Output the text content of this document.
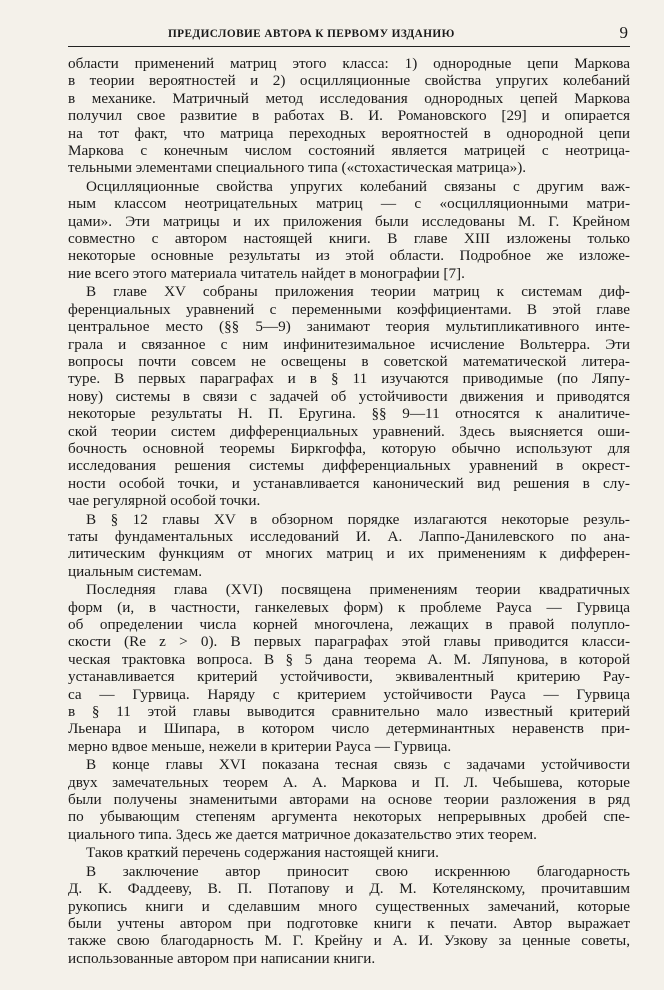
ПРЕДИСЛОВИЕ АВТОРА К ПЕРВОМУ ИЗДАНИЮ	9
области применений матриц этого класса: 1) однородные цепи Маркова
в теории вероятностей и 2) осцилляционные свойства упругих колебаний
в механике. Матричный метод исследования однородных цепей Маркова
получил свое развитие в работах В. И. Романовского [29] и опирается
на тот факт, что матрица переходных вероятностей в однородной цепи
Маркова с конечным числом состояний является матрицей с неотрица-
тельными элементами специального типа («стохастическая матрица»).
Осцилляционные свойства упругих колебаний связаны с другим важ-
ным классом неотрицательных матриц — с «осцилляционными матри-
цами». Эти матрицы и их приложения были исследованы М. Г. Крейном
совместно с автором настоящей книги. В главе XIII изложены только
некоторые основные результаты из этой области. Подробное же изложе-
ние всего этого материала читатель найдет в монографии [7].
В главе XV собраны приложения теории матриц к системам диф-
ференциальных уравнений с переменными коэффициентами. В этой главе
центральное место (§§ 5—9) занимают теория мультипликативного инте-
грала и связанное с ним инфинитезимальное исчисление Вольтерра. Эти
вопросы почти совсем не освещены в советской математической литера-
туре. В первых параграфах и в § 11 изучаются приводимые (по Ляпу-
нову) системы в связи с задачей об устойчивости движения и приводятся
некоторые результаты Н. П. Еругина. §§ 9—11 относятся к аналитиче-
ской теории систем дифференциальных уравнений. Здесь выясняется оши-
бочность основной теоремы Биркгоффа, которую обычно используют для
исследования решения системы дифференциальных уравнений в окрест-
ности особой точки, и устанавливается канонический вид решения в слу-
чае регулярной особой точки.
В § 12 главы XV в обзорном порядке излагаются некоторые резуль-
таты фундаментальных исследований И. А. Лаппо-Данилевского по ана-
литическим функциям от многих матриц и их применениям к дифферен-
циальным системам.
Последняя глава (XVI) посвящена применениям теории квадратичных
форм (и, в частности, ганкелевых форм) к проблеме Рауса — Гурвица
об определении числа корней многочлена, лежащих в правой полуплo-
скости (Re z > 0). В первых параграфах этой главы приводится класси-
ческая трактовка вопроса. В § 5 дана теорема А. М. Ляпунова, в которой
устанавливается критерий устойчивости, эквивалентный критерию Рау-
са — Гурвица. Наряду с критерием устойчивости Рауса — Гурвица
в § 11 этой главы выводится сравнительно мало известный критерий
Льенара и Шипара, в котором число детерминантных неравенств при-
мерно вдвое меньше, нежели в критерии Рауса — Гурвица.
В конце главы XVI показана тесная связь с задачами устойчивости
двух замечательных теорем А. А. Маркова и П. Л. Чебышева, которые
были получены знаменитыми авторами на основе теории разложения в ряд
по убывающим степеням аргумента некоторых непрерывных дробей спе-
циального типа. Здесь же дается матричное доказательство этих теорем.
Таков краткий перечень содержания настоящей книги.
В заключение автор приносит свою искреннюю благодарность
Д. К. Фаддееву, В. П. Потапову и Д. М. Котелянскому, прочитавшим
рукопись книги и сделавшим много существенных замечаний, которые
были учтены автором при подготовке книги к печати. Автор выражает
также свою благодарность М. Г. Крейну и А. И. Узкову за ценные советы,
использованные автором при написании книги.
